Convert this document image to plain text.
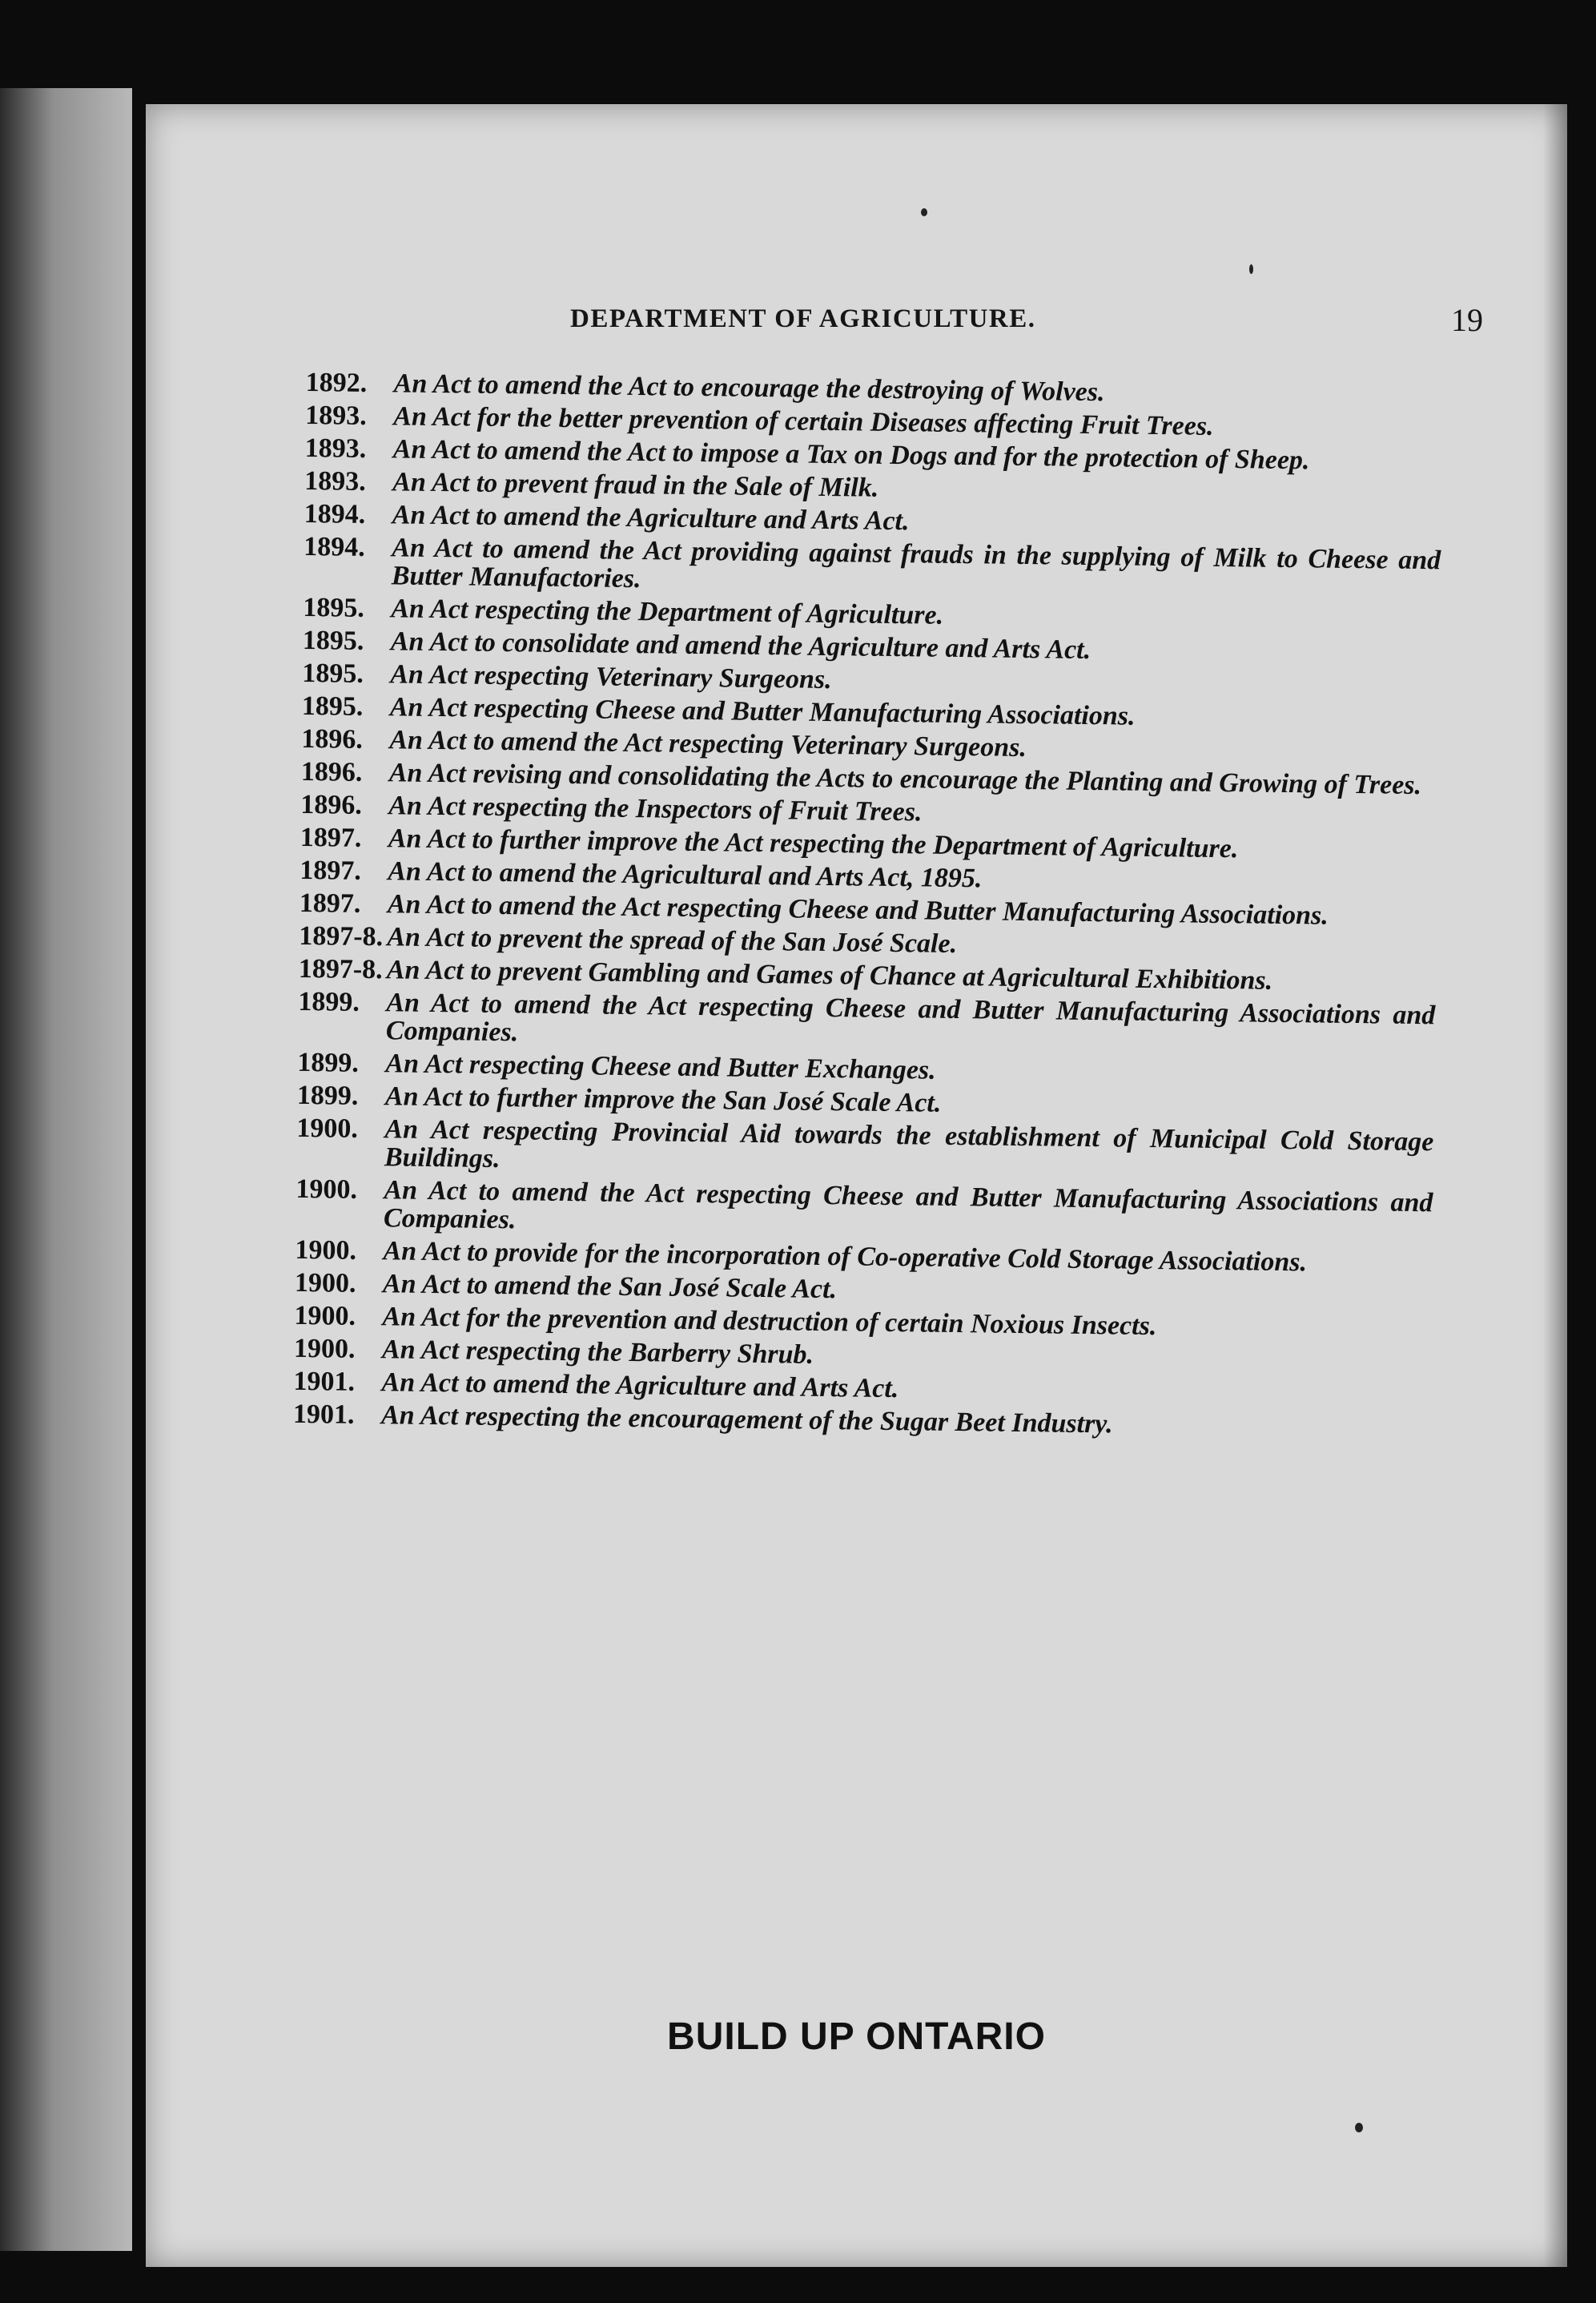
DEPARTMENT OF AGRICULTURE.	19
1892. An Act to amend the Act to encourage the destroying of Wolves.
1893. An Act for the better prevention of certain Diseases affecting Fruit Trees.
1893. An Act to amend the Act to impose a Tax on Dogs and for the protection of Sheep.
1893. An Act to prevent fraud in the Sale of Milk.
1894. An Act to amend the Agriculture and Arts Act.
1894. An Act to amend the Act providing against frauds in the supplying of Milk to Cheese and Butter Manufactories.
1895. An Act respecting the Department of Agriculture.
1895. An Act to consolidate and amend the Agriculture and Arts Act.
1895. An Act respecting Veterinary Surgeons.
1895. An Act respecting Cheese and Butter Manufacturing Associations.
1896. An Act to amend the Act respecting Veterinary Surgeons.
1896. An Act revising and consolidating the Acts to encourage the Planting and Growing of Trees.
1896. An Act respecting the Inspectors of Fruit Trees.
1897. An Act to further improve the Act respecting the Department of Agriculture.
1897. An Act to amend the Agricultural and Arts Act, 1895.
1897. An Act to amend the Act respecting Cheese and Butter Manufacturing Associations.
1897-8. An Act to prevent the spread of the San José Scale.
1897-8. An Act to prevent Gambling and Games of Chance at Agricultural Exhibitions.
1899. An Act to amend the Act respecting Cheese and Butter Manufacturing Associations and Companies.
1899. An Act respecting Cheese and Butter Exchanges.
1899. An Act to further improve the San José Scale Act.
1900. An Act respecting Provincial Aid towards the establishment of Municipal Cold Storage Buildings.
1900. An Act to amend the Act respecting Cheese and Butter Manufacturing Associations and Companies.
1900. An Act to provide for the incorporation of Co-operative Cold Storage Associations.
1900. An Act to amend the San José Scale Act.
1900. An Act for the prevention and destruction of certain Noxious Insects.
1900. An Act respecting the Barberry Shrub.
1901. An Act to amend the Agriculture and Arts Act.
1901. An Act respecting the encouragement of the Sugar Beet Industry.
BUILD UP ONTARIO
